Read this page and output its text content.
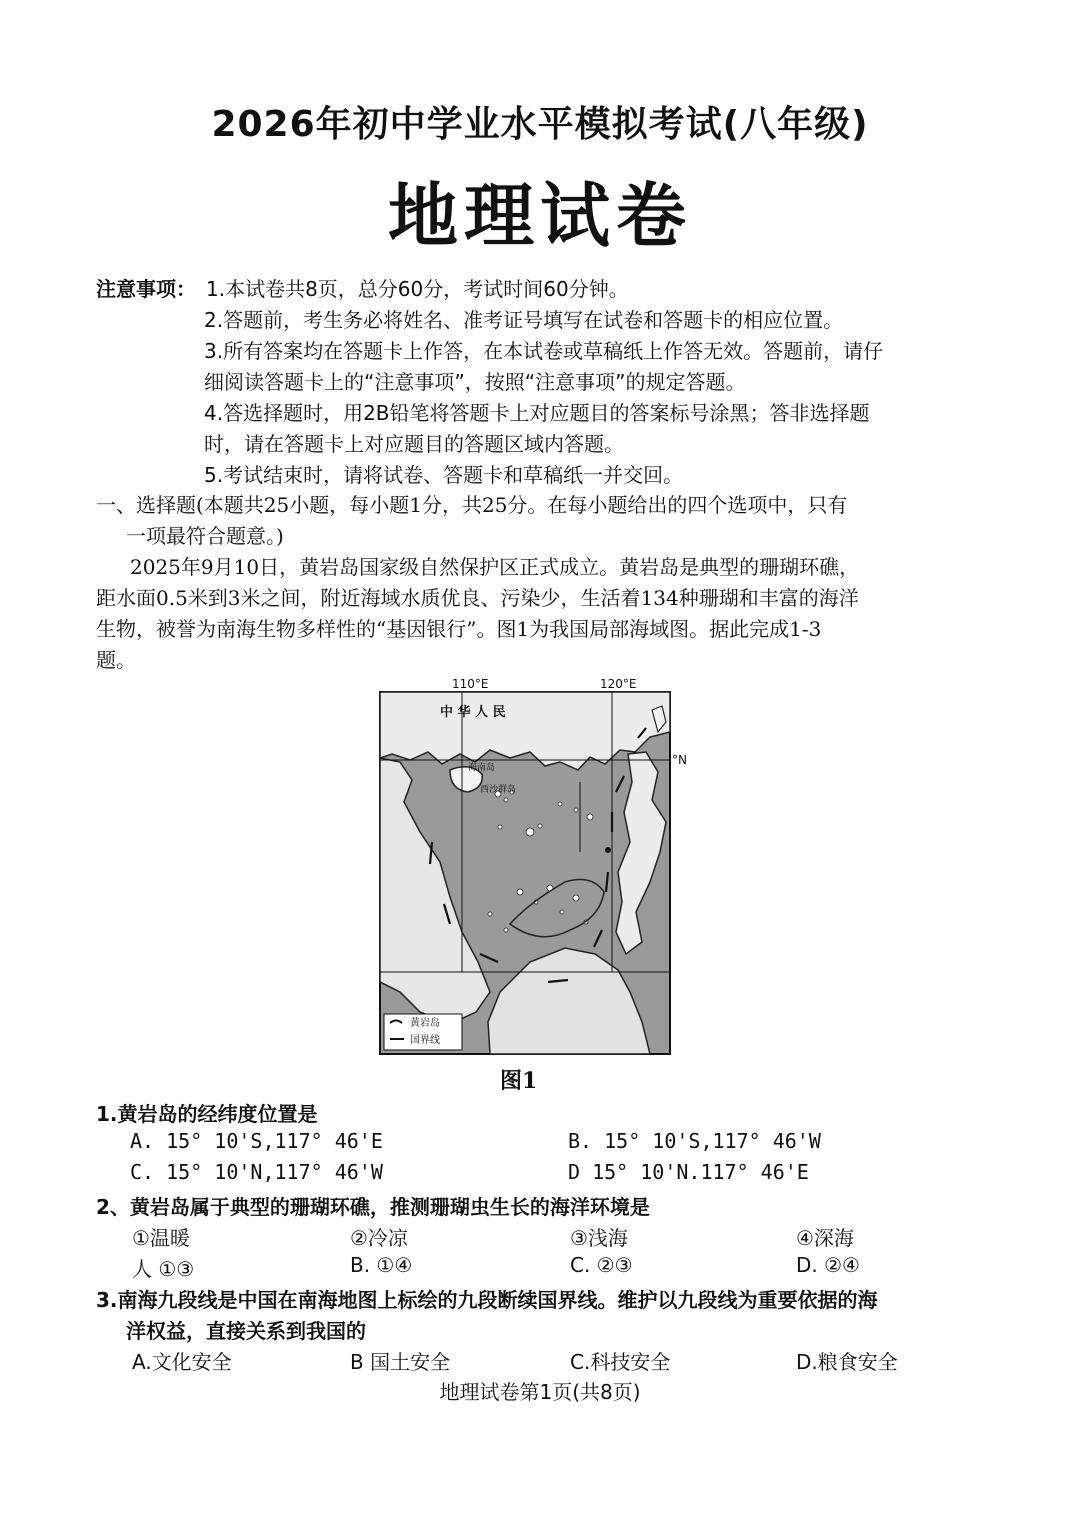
2026年初中学业水平模拟考试(八年级)
地理试卷
注意事项： 1.本试卷共8页，总分60分，考试时间60分钟。
2.答题前，考生务必将姓名、准考证号填写在试卷和答题卡的相应位置。
3.所有答案均在答题卡上作答，在本试卷或草稿纸上作答无效。答题前，请仔
细阅读答题卡上的“注意事项”，按照“注意事项”的规定答题。
4.答选择题时，用2B铅笔将答题卡上对应题目的答案标号涂黑；答非选择题
时，请在答题卡上对应题目的答题区域内答题。
5.考试结束时，请将试卷、答题卡和草稿纸一并交回。
一、选择题(本题共25小题，每小题1分，共25分。在每小题给出的四个选项中，只有
一项最符合题意。)
2025年9月10日，黄岩岛国家级自然保护区正式成立。黄岩岛是典型的珊瑚环礁，
距水面0.5米到3米之间，附近海域水质优良、污染少，生活着134种珊瑚和丰富的海洋
生物，被誉为南海生物多样性的“基因银行”。图1为我国局部海域图。据此完成1-3
题。
110°E	120°E
°N
中 华 人 民
海南岛
西沙群岛
黄岩岛
国界线
图1
1.黄岩岛的经纬度位置是
A. 15° 10'S,117° 46'E	B. 15° 10'S,117° 46'W
C. 15° 10'N,117° 46'W	D 15° 10'N.117° 46'E
2、黄岩岛属于典型的珊瑚环礁，推测珊瑚虫生长的海洋环境是
①温暖	②冷凉	③浅海	④深海
人 ①③	B. ①④	C. ②③	D. ②④
3.南海九段线是中国在南海地图上标绘的九段断续国界线。维护以九段线为重要依据的海
洋权益，直接关系到我国的
A.文化安全	B 国土安全	C.科技安全	D.粮食安全
地理试卷第1页(共8页)
